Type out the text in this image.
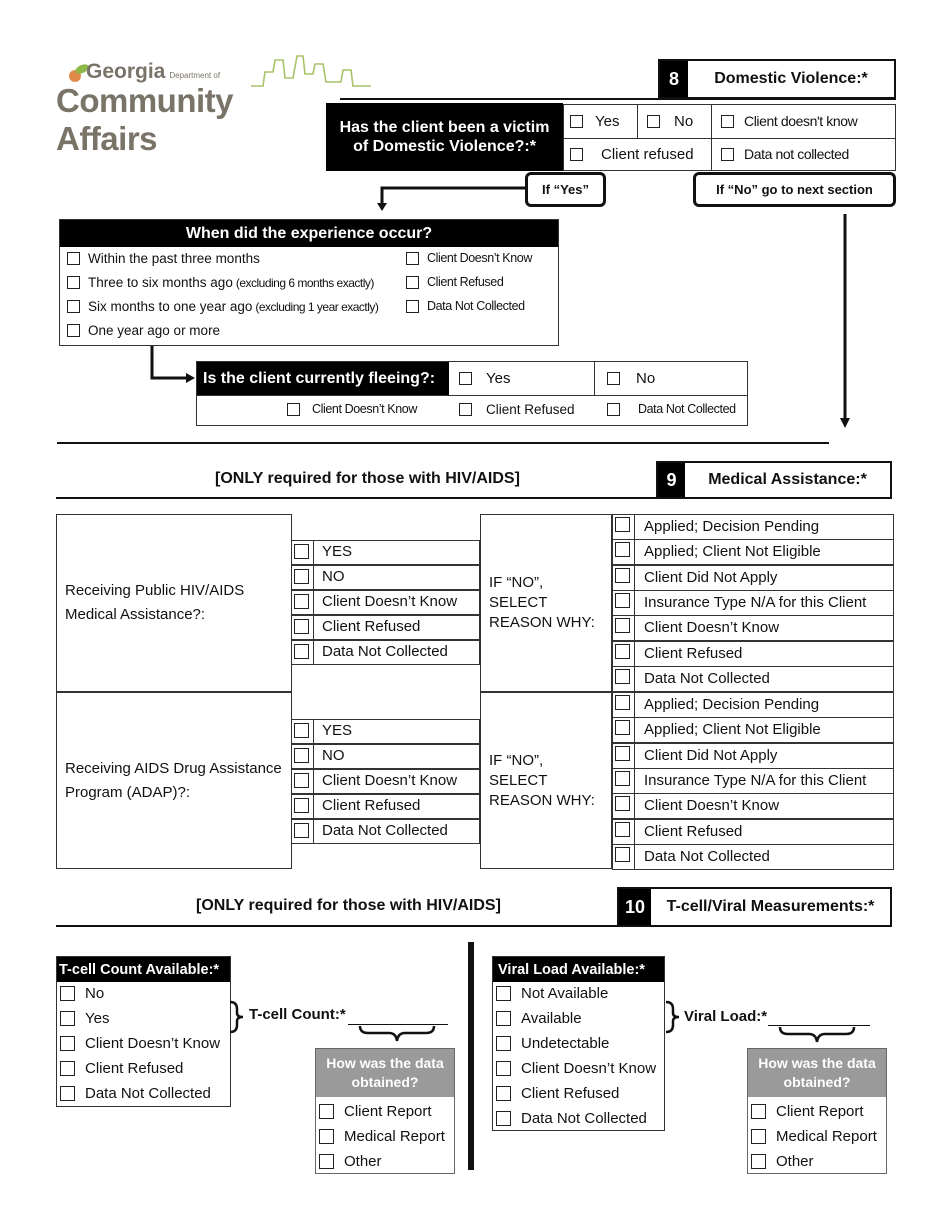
Georgia Department of
Community Affairs
8	Domestic Violence:*
Has the client been a victim of Domestic Violence?:*
Yes	No	Client doesn't know
Client refused	Data not collected
If “Yes”	If “No” go to next section
When did the experience occur?
Within the past three months
Three to six months ago (excluding 6 months exactly)
Six months to one year ago (excluding 1 year exactly)
One year ago or more
Client Doesn’t Know
Client Refused
Data Not Collected
Is the client currently fleeing?:	Yes	No
Client Doesn’t Know	Client Refused	Data Not Collected
[ONLY required for those with HIV/AIDS]	9	Medical Assistance:*
Receiving Public HIV/AIDS Medical Assistance?:
YES
NO
Client Doesn’t Know
Client Refused
Data Not Collected
IF “NO”, SELECT REASON WHY:
Applied; Decision Pending
Applied; Client Not Eligible
Client Did Not Apply
Insurance Type N/A for this Client
Client Doesn’t Know
Client Refused
Data Not Collected
Receiving AIDS Drug Assistance Program (ADAP)?:
YES
NO
Client Doesn’t Know
Client Refused
Data Not Collected
IF “NO”, SELECT REASON WHY:
Applied; Decision Pending
Applied; Client Not Eligible
Client Did Not Apply
Insurance Type N/A for this Client
Client Doesn’t Know
Client Refused
Data Not Collected
[ONLY required for those with HIV/AIDS]	10	T-cell/Viral Measurements:*
T-cell Count Available:*
No
Yes
Client Doesn’t Know
Client Refused
Data Not Collected
T-cell Count:*
How was the data obtained?
Client Report
Medical Report
Other
Viral Load Available:*
Not Available
Available
Undetectable
Client Doesn’t Know
Client Refused
Data Not Collected
Viral Load:*
How was the data obtained?
Client Report
Medical Report
Other
